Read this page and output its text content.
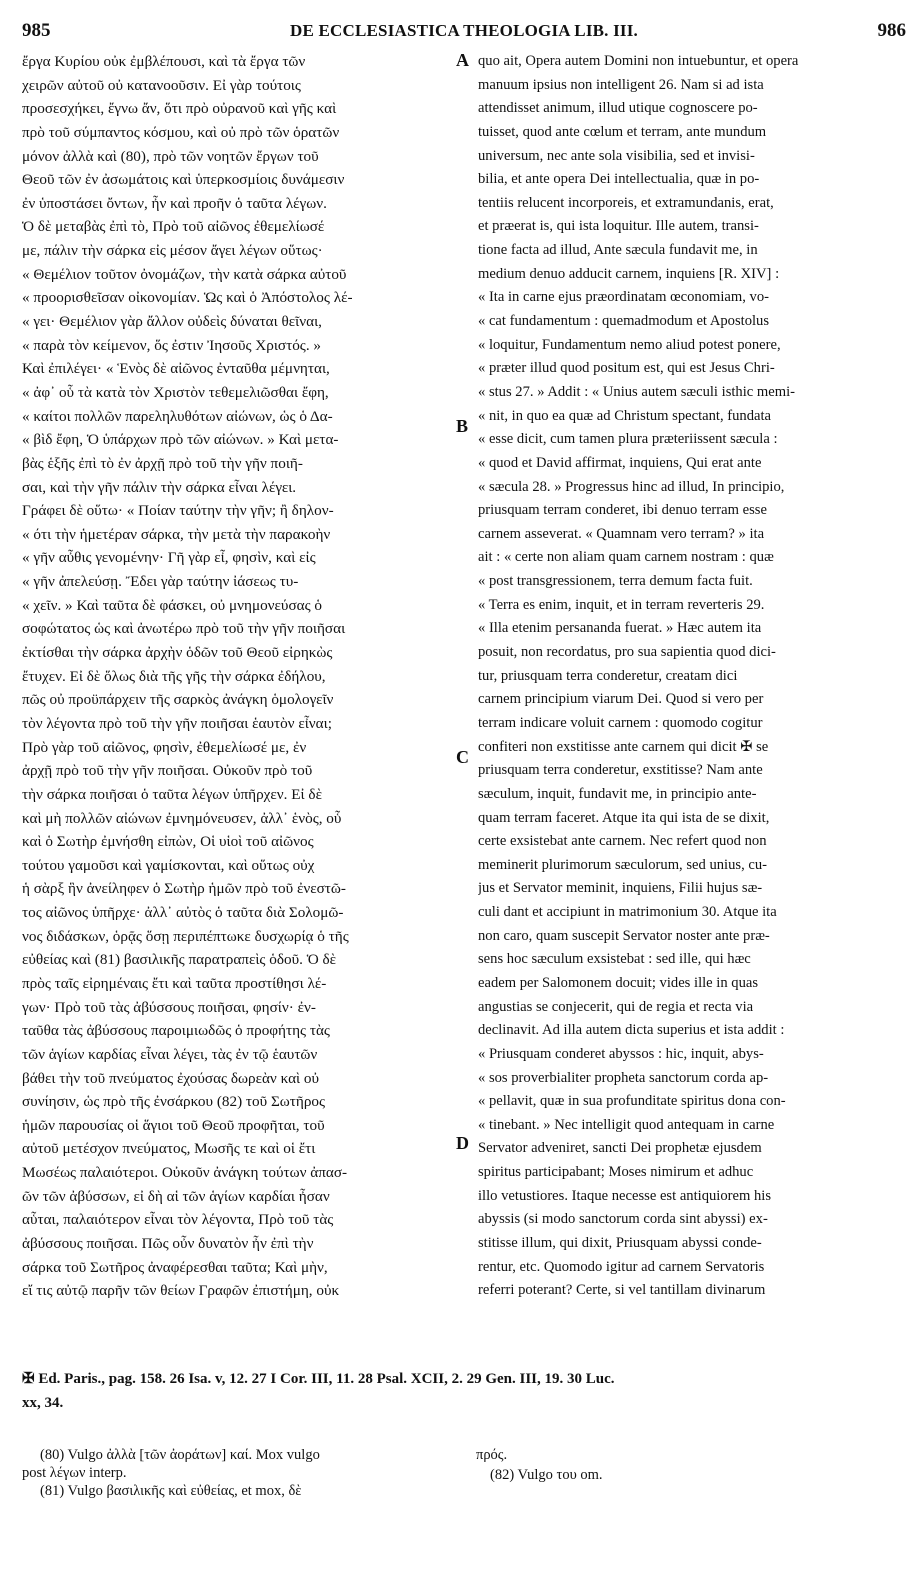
985	DE ECCLESIASTICA THEOLOGIA LIB. III.	986
ἔργα Κυρίου οὐκ ἐμβλέπουσι, καὶ τὰ ἔργα τῶν
χειρῶν αὐτοῦ οὐ κατανοοῦσιν. Εἰ γὰρ τούτοις
προσεσχήκει, ἔγνω ἄν, ὅτι πρὸ οὐρανοῦ καὶ γῆς καὶ
πρὸ τοῦ σύμπαντος κόσμου, καὶ οὐ πρὸ τῶν ὁρατῶν
μόνον ἀλλὰ καὶ (80), πρὸ τῶν νοητῶν ἔργων τοῦ
Θεοῦ τῶν ἐν ἀσωμάτοις καὶ ὑπερκοσμίοις δυνάμεσιν
ἐν ὑποστάσει ὄντων, ἦν καὶ προῆν ὁ ταῦτα λέγων.
Ὁ δὲ μεταβὰς ἐπὶ τὸ, Πρὸ τοῦ αἰῶνος ἐθεμελίωσέ
με, πάλιν τὴν σάρκα εἰς μέσον ἄγει λέγων οὕτως·
« Θεμέλιον τοῦτον ὀνομάζων, τὴν κατὰ σάρκα αὐτοῦ
« προορισθεῖσαν οἰκονομίαν. Ὡς καὶ ὁ Ἀπόστολος λέ-
« γει· Θεμέλιον γὰρ ἄλλον οὐδεὶς δύναται θεῖναι,
« παρὰ τὸν κείμενον, ὅς ἐστιν Ἰησοῦς Χριστός. »
Καὶ ἐπιλέγει· « Ἑνὸς δὲ αἰῶνος ἐνταῦθα μέμνηται,
« ἀφ᾽ οὗ τὰ κατὰ τὸν Χριστὸν τεθεμελιῶσθαι ἔφη,
« καίτοι πολλῶν παρεληλυθότων αἰώνων, ὡς ὁ Δα-
« βὶδ ἔφη, Ὁ ὑπάρχων πρὸ τῶν αἰώνων. » Καὶ μετα-
βὰς ἑξῆς ἐπὶ τὸ ἐν ἀρχῇ πρὸ τοῦ τὴν γῆν ποιῆ-
σαι, καὶ τὴν γῆν πάλιν τὴν σάρκα εἶναι λέγει.
Γράφει δὲ οὕτω· « Ποίαν ταύτην τὴν γῆν; ἢ δηλον-
« ότι τὴν ἡμετέραν σάρκα, τὴν μετὰ τὴν παρακοὴν
« γῆν αὖθις γενομένην· Γῆ γὰρ εἶ, φησὶν, καὶ εἰς
« γῆν ἀπελεύσῃ. Ἔδει γὰρ ταύτην ἰάσεως τυ-
« χεῖν. » Καὶ ταῦτα δὲ φάσκει, οὐ μνημονεύσας ὁ
σοφώτατος ὡς καὶ ἀνωτέρω πρὸ τοῦ τὴν γῆν ποιῆσαι
ἐκτίσθαι τὴν σάρκα ἀρχὴν ὁδῶν τοῦ Θεοῦ εἰρηκὼς
ἔτυχεν. Εἰ δὲ ὅλως διὰ τῆς γῆς τὴν σάρκα ἐδήλου,
πῶς οὐ προϋπάρχειν τῆς σαρκὸς ἀνάγκη ὁμολογεῖν
τὸν λέγοντα πρὸ τοῦ τὴν γῆν ποιῆσαι ἑαυτὸν εἶναι;
Πρὸ γὰρ τοῦ αἰῶνος, φησὶν, ἐθεμελίωσέ με, ἐν
ἀρχῇ πρὸ τοῦ τὴν γῆν ποιῆσαι. Οὐκοῦν πρὸ τοῦ
τὴν σάρκα ποιῆσαι ὁ ταῦτα λέγων ὑπῆρχεν. Εἰ δὲ
καὶ μὴ πολλῶν αἰώνων ἐμνημόνευσεν, ἀλλ᾽ ἑνὸς, οὗ
καὶ ὁ Σωτὴρ ἐμνήσθη εἰπὼν, Οἱ υἱοὶ τοῦ αἰῶνος
τούτου γαμοῦσι καὶ γαμίσκονται, καὶ οὕτως οὐχ
ἡ σὰρξ ἣν ἀνείληφεν ὁ Σωτὴρ ἡμῶν πρὸ τοῦ ἐνεστῶ-
τος αἰῶνος ὑπῆρχε· ἀλλ᾽ αὐτὸς ὁ ταῦτα διὰ Σολομῶ-
νος διδάσκων, ὁρᾷς ὅσῃ περιπέπτωκε δυσχωρίᾳ ὁ τῆς
εὐθείας καὶ (81) βασιλικῆς παρατραπεὶς ὁδοῦ. Ὁ δὲ
πρὸς ταῖς εἰρημέναις ἔτι καὶ ταῦτα προστίθησι λέ-
γων· Πρὸ τοῦ τὰς ἀβύσσους ποιῆσαι, φησίν· ἐν-
ταῦθα τὰς ἀβύσσους παροιμιωδῶς ὁ προφήτης τὰς
τῶν ἁγίων καρδίας εἶναι λέγει, τὰς ἐν τῷ ἑαυτῶν
βάθει τὴν τοῦ πνεύματος ἐχούσας δωρεὰν καὶ οὐ
συνίησιν, ὡς πρὸ τῆς ἐνσάρκου (82) τοῦ Σωτῆρος
ἡμῶν παρουσίας οἱ ἅγιοι τοῦ Θεοῦ προφῆται, τοῦ
αὐτοῦ μετέσχον πνεύματος, Μωσῆς τε καὶ οἱ ἔτι
Μωσέως παλαιότεροι. Οὐκοῦν ἀνάγκη τούτων ἀπασ-
ῶν τῶν ἀβύσσων, εἰ δὴ αἱ τῶν ἁγίων καρδίαι ἦσαν
αὗται, παλαιότερον εἶναι τὸν λέγοντα, Πρὸ τοῦ τὰς
ἀβύσσους ποιῆσαι. Πῶς οὖν δυνατὸν ἦν ἐπὶ τὴν
σάρκα τοῦ Σωτῆρος ἀναφέρεσθαι ταῦτα; Καὶ μὴν,
εἴ τις αὐτῷ παρῆν τῶν θείων Γραφῶν ἐπιστήμη, οὐκ
quo ait, Opera autem Domini non intuebuntur, et opera
manuum ipsius non intelligent 26. Nam si ad ista
attendisset animum, illud utique cognoscere po-
tuisset, quod ante cœlum et terram, ante mundum
universum, nec ante sola visibilia, sed et invisi-
bilia, et ante opera Dei intellectualia, quæ in po-
tentiis relucent incorporeis, et extramundanis, erat,
et præerat is, qui ista loquitur. Ille autem, transi-
tione facta ad illud, Ante sæcula fundavit me, in
medium denuo adducit carnem, inquiens [R. XIV] :
« Ita in carne ejus præordinatam œconomiam, vo-
« cat fundamentum : quemadmodum et Apostolus
« loquitur, Fundamentum nemo aliud potest ponere,
« præter illud quod positum est, qui est Jesus Chri-
« stus 27. » Addit : « Unius autem sæculi isthic memi-
« nit, in quo ea quæ ad Christum spectant, fundata
« esse dicit, cum tamen plura præteriissent sæcula :
« quod et David affirmat, inquiens, Qui erat ante
« sæcula 28. » Progressus hinc ad illud, In principio,
priusquam terram conderet, ibi denuo terram esse
carnem asseverat. « Quamnam vero terram? » ita
ait : « certe non aliam quam carnem nostram : quæ
« post transgressionem, terra demum facta fuit.
« Terra es enim, inquit, et in terram reverteris 29.
« Illa etenim persananda fuerat. » Hæc autem ita
posuit, non recordatus, pro sua sapientia quod dici-
tur, priusquam terra conderetur, creatam dici
carnem principium viarum Dei. Quod si vero per
terram indicare voluit carnem : quomodo cogitur
confiteri non exstitisse ante carnem qui dicit ✠ se
priusquam terra conderetur, exstitisse? Nam ante
sæculum, inquit, fundavit me, in principio ante-
quam terram faceret. Atque ita qui ista de se dixit,
certe exsistebat ante carnem. Nec refert quod non
meminerit plurimorum sæculorum, sed unius, cu-
jus et Servator meminit, inquiens, Filii hujus sæ-
culi dant et accipiunt in matrimonium 30. Atque ita
non caro, quam suscepit Servator noster ante præ-
sens hoc sæculum exsistebat : sed ille, qui hæc
eadem per Salomonem docuit; vides ille in quas
angustias se conjecerit, qui de regia et recta via
declinavit. Ad illa autem dicta superius et ista addit :
« Priusquam conderet abyssos : hic, inquit, abys-
« sos proverbialiter propheta sanctorum corda ap-
« pellavit, quæ in sua profunditate spiritus dona con-
« tinebant. » Nec intelligit quod antequam in carne
Servator adveniret, sancti Dei prophetæ ejusdem
spiritus participabant; Moses nimirum et adhuc
illo vetustiores. Itaque necesse est antiquiorem his
abyssis (si modo sanctorum corda sint abyssi) ex-
stitisse illum, qui dixit, Priusquam abyssi conde-
rentur, etc. Quomodo igitur ad carnem Servatoris
referri poterant? Certe, si vel tantillam divinarum
A
B
C
D
✠ Ed. Paris., pag. 158. 26 Isa. v, 12. 27 I Cor. III, 11. 28 Psal. XCII, 2. 29 Gen. III, 19. 30 Luc.
xx, 34.
(80) Vulgo ἀλλὰ [τῶν ἀοράτων] καί. Mox vulgo
post λέγων interp.
(81) Vulgo βασιλικῆς καὶ εὐθείας, et mox, δὲ
πρός.
(82) Vulgo του om.
